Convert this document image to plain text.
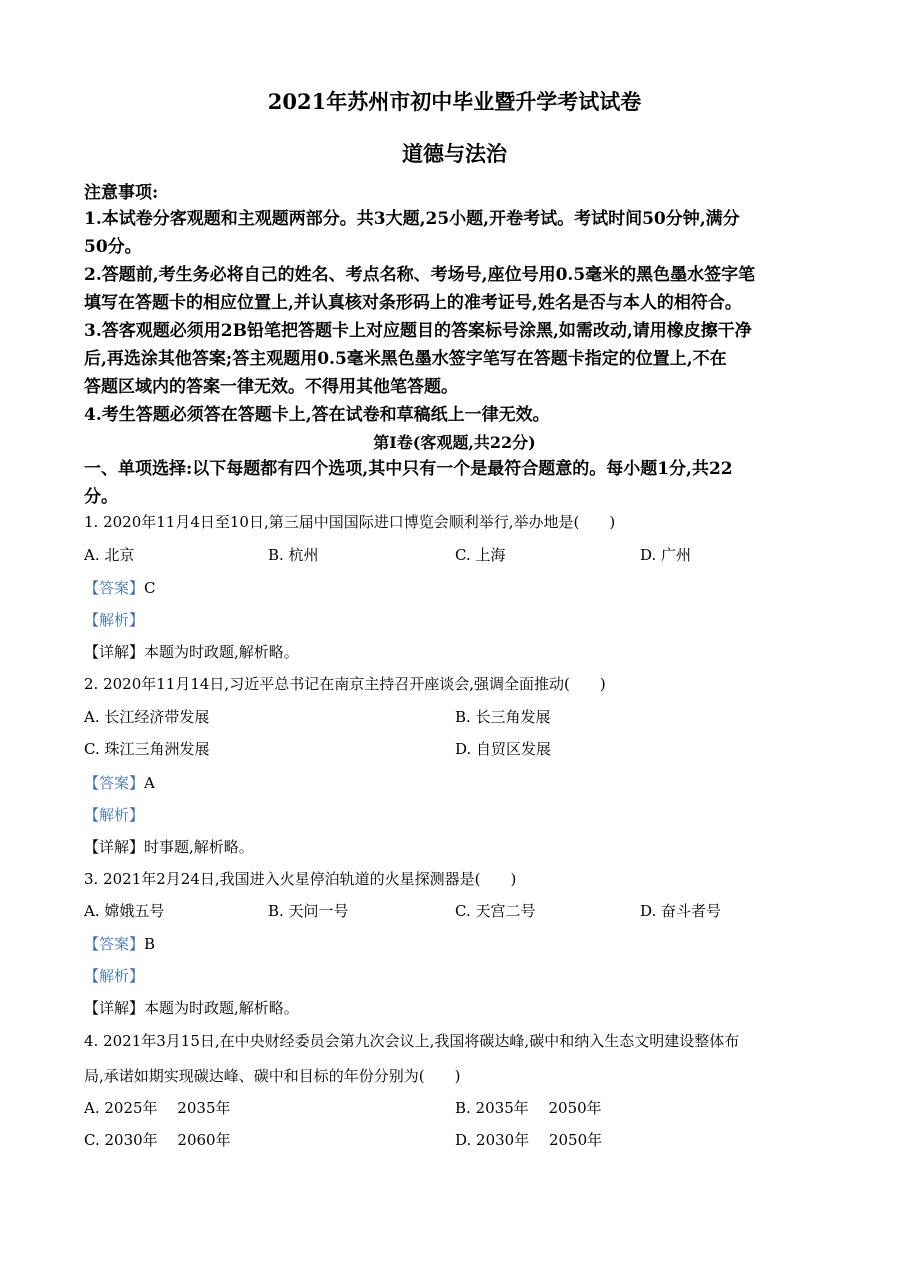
2021年苏州市初中毕业暨升学考试试卷
道德与法治
注意事项:
1.本试卷分客观题和主观题两部分。共3大题,25小题,开卷考试。考试时间50分钟,满分
50分。
2.答题前,考生务必将自己的姓名、考点名称、考场号,座位号用0.5毫米的黑色墨水签字笔
填写在答题卡的相应位置上,并认真核对条形码上的准考证号,姓名是否与本人的相符合。
3.答客观题必须用2B铅笔把答题卡上对应题目的答案标号涂黑,如需改动,请用橡皮擦干净
后,再选涂其他答案;答主观题用0.5毫米黑色墨水签字笔写在答题卡指定的位置上,不在
答题区域内的答案一律无效。不得用其他笔答题。
4.考生答题必须答在答题卡上,答在试卷和草稿纸上一律无效。
第Ⅰ卷(客观题,共22分)
一、单项选择:以下每题都有四个选项,其中只有一个是最符合题意的。每小题1分,共22
分。
1. 2020年11月4日至10日,第三届中国国际进口博览会顺利举行,举办地是(　　)
A. 北京	B. 杭州	C. 上海	D. 广州
【答案】C
【解析】
【详解】本题为时政题,解析略。
2. 2020年11月14日,习近平总书记在南京主持召开座谈会,强调全面推动(　　)
A. 长江经济带发展	B. 长三角发展
C. 珠江三角洲发展	D. 自贸区发展
【答案】A
【解析】
【详解】时事题,解析略。
3. 2021年2月24日,我国进入火星停泊轨道的火星探测器是(　　)
A. 嫦娥五号	B. 天问一号	C. 天宫二号	D. 奋斗者号
【答案】B
【解析】
【详解】本题为时政题,解析略。
4. 2021年3月15日,在中央财经委员会第九次会议上,我国将碳达峰,碳中和纳入生态文明建设整体布
局,承诺如期实现碳达峰、碳中和目标的年份分别为(　　)
A. 2025年　 2035年	B. 2035年　 2050年
C. 2030年　 2060年	D. 2030年　 2050年
